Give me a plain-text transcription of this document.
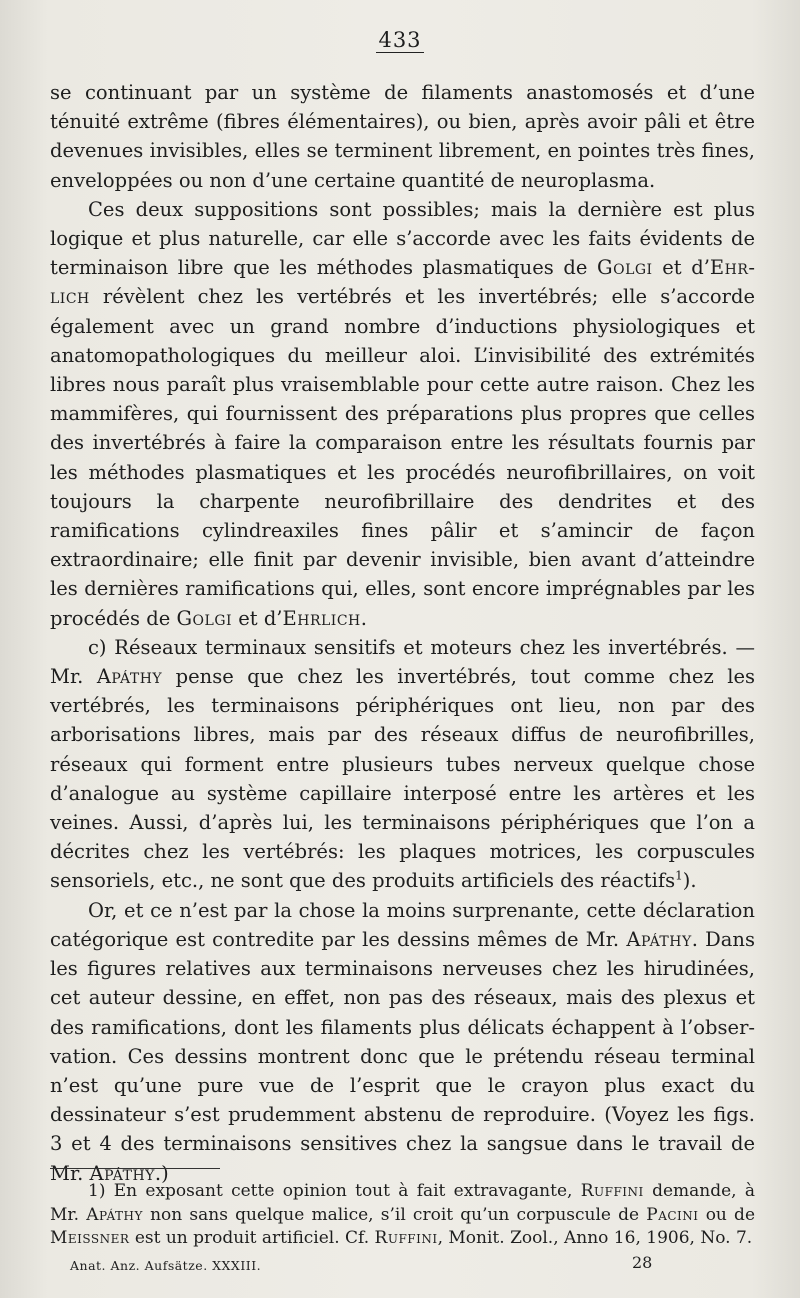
433

se continuant par un système de filaments anastomosés et d’une ténuité extrême (fibres élémentaires), ou bien, après avoir pâli et être devenues invisibles, elles se terminent librement, en pointes très fines, enveloppées ou non d’une certaine quantité de neuroplasma.

Ces deux suppositions sont possibles; mais la dernière est plus logique et plus naturelle, car elle s’accorde avec les faits évidents de terminaison libre que les méthodes plasmatiques de Golgi et d’Ehrlich révèlent chez les vertébrés et les invertébrés; elle s’accorde également avec un grand nombre d’inductions physiologiques et anatomopathologiques du meilleur aloi. L’invisibilité des extrémités libres nous paraît plus vraisemblable pour cette autre raison. Chez les mammifères, qui fournissent des préparations plus propres que celles des invertébrés à faire la comparaison entre les résultats fournis par les méthodes plasmatiques et les procédés neurofibrillaires, on voit toujours la charpente neurofibrillaire des dendrites et des ramifications cylindreaxiles fines pâlir et s’amincir de façon extraordinaire; elle finit par devenir invisible, bien avant d’atteindre les dernières ramifications qui, elles, sont encore imprégnables par les procédés de Golgi et d’Ehrlich.

c) Réseaux terminaux sensitifs et moteurs chez les invertébrés. — Mr. Apáthy pense que chez les invertébrés, tout comme chez les vertébrés, les terminaisons périphériques ont lieu, non par des arborisations libres, mais par des réseaux diffus de neurofibrilles, réseaux qui forment entre plusieurs tubes nerveux quelque chose d’analogue au système capillaire interposé entre les artères et les veines. Aussi, d’après lui, les terminaisons périphériques que l’on a décrites chez les vertébrés: les plaques motrices, les corpuscules sensoriels, etc., ne sont que des produits artificiels des réactifs$^1$).

Or, et ce n’est par la chose la moins surprenante, cette déclaration catégorique est contredite par les dessins mêmes de Mr. Apáthy. Dans les figures relatives aux terminaisons nerveuses chez les hirudinées, cet auteur dessine, en effet, non pas des réseaux, mais des plexus et des ramifications, dont les filaments plus délicats échappent à l’observation. Ces dessins montrent donc que le prétendu réseau terminal n’est qu’une pure vue de l’esprit que le crayon plus exact du dessinateur s’est prudemment abstenu de reproduire. (Voyez les figs. 3 et 4 des terminaisons sensitives chez la sangsue dans le travail de Mr. Apáthy.)

1) En exposant cette opinion tout à fait extravagante, Ruffini demande, à Mr. Apáthy non sans quelque malice, s’il croit qu’un corpuscule de Pacini ou de Meissner est un produit artificiel. Cf. Ruffini, Monit. Zool., Anno 16, 1906, No. 7.

Anat. Anz. Aufsätze. XXXIII.	28
